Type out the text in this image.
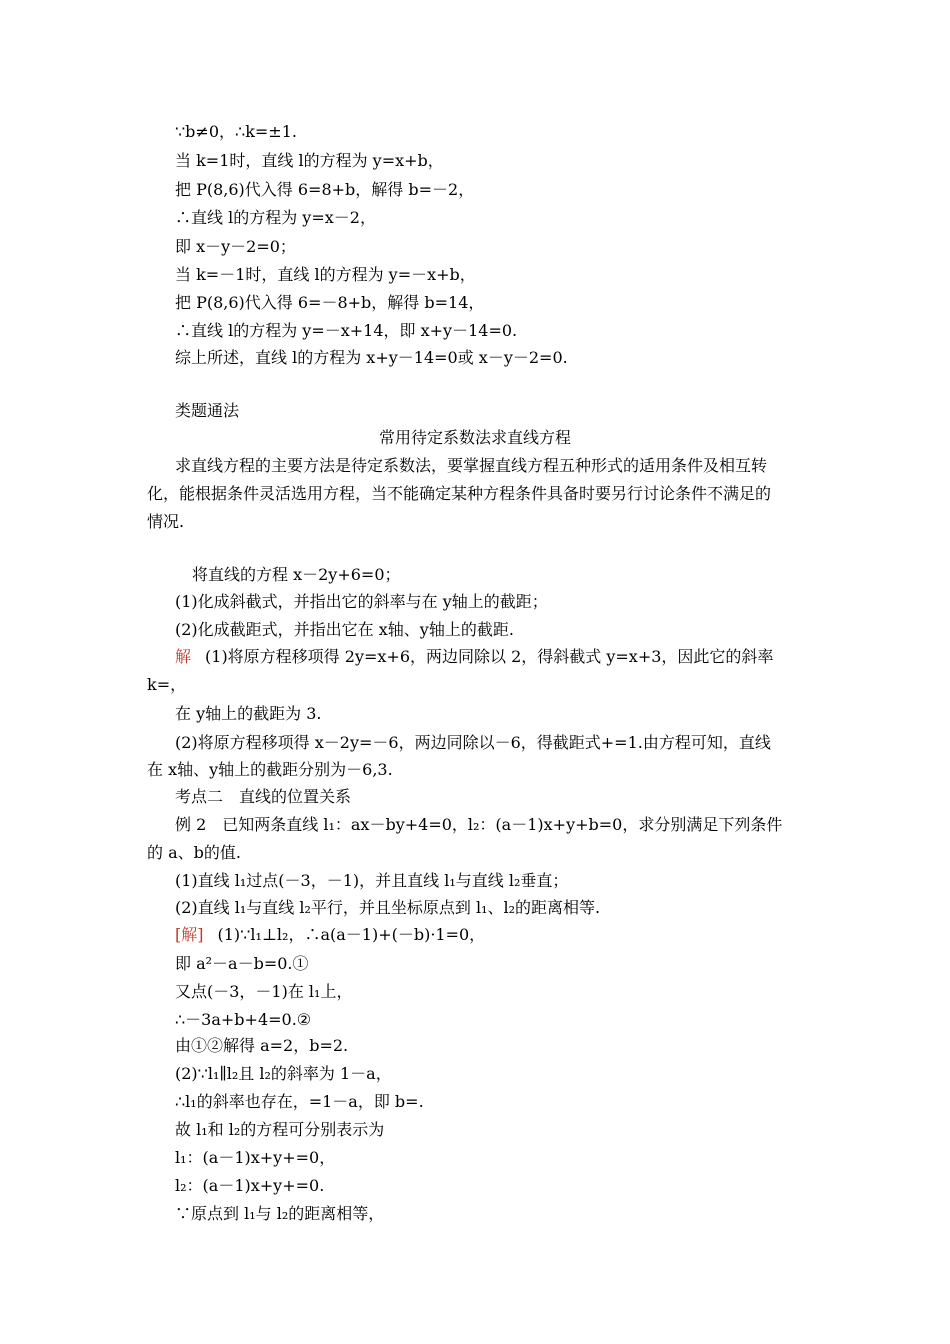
∵b≠0，∴k=±1.
当 k=1时，直线 l的方程为 y=x+b，
把 P(8,6)代入得 6=8+b，解得 b=－2，
∴直线 l的方程为 y=x－2，
即 x－y－2=0；
当 k=－1时，直线 l的方程为 y=－x+b，
把 P(8,6)代入得 6=－8+b，解得 b=14，
∴直线 l的方程为 y=－x+14，即 x+y－14=0.
综上所述，直线 l的方程为 x+y－14=0或 x－y－2=0.
类题通法
常用待定系数法求直线方程
求直线方程的主要方法是待定系数法，要掌握直线方程五种形式的适用条件及相互转
化，能根据条件灵活选用方程，当不能确定某种方程条件具备时要另行讨论条件不满足的
情况.
将直线的方程 x－2y+6=0；
(1)化成斜截式，并指出它的斜率与在 y轴上的截距；
(2)化成截距式，并指出它在 x轴、y轴上的截距.
解 (1)将原方程移项得 2y=x+6，两边同除以 2，得斜截式 y=x+3，因此它的斜率
k=，
在 y轴上的截距为 3.
(2)将原方程移项得 x－2y=－6，两边同除以－6，得截距式+=1.由方程可知，直线
在 x轴、y轴上的截距分别为－6,3.
考点二　直线的位置关系
例 2　已知两条直线 l₁：ax－by+4=0，l₂：(a－1)x+y+b=0，求分别满足下列条件
的 a、b的值.
(1)直线 l₁过点(－3，－1)，并且直线 l₁与直线 l₂垂直；
(2)直线 l₁与直线 l₂平行，并且坐标原点到 l₁、l₂的距离相等.
[解] (1)∵l₁⊥l₂，∴a(a－1)+(－b)·1=0，
即 a²－a－b=0.①
又点(－3，－1)在 l₁上，
∴－3a+b+4=0.②
由①②解得 a=2，b=2.
(2)∵l₁∥l₂且 l₂的斜率为 1－a，
∴l₁的斜率也存在，=1－a，即 b=.
故 l₁和 l₂的方程可分别表示为
l₁：(a－1)x+y+=0，
l₂：(a－1)x+y+=0.
∵原点到 l₁与 l₂的距离相等，
